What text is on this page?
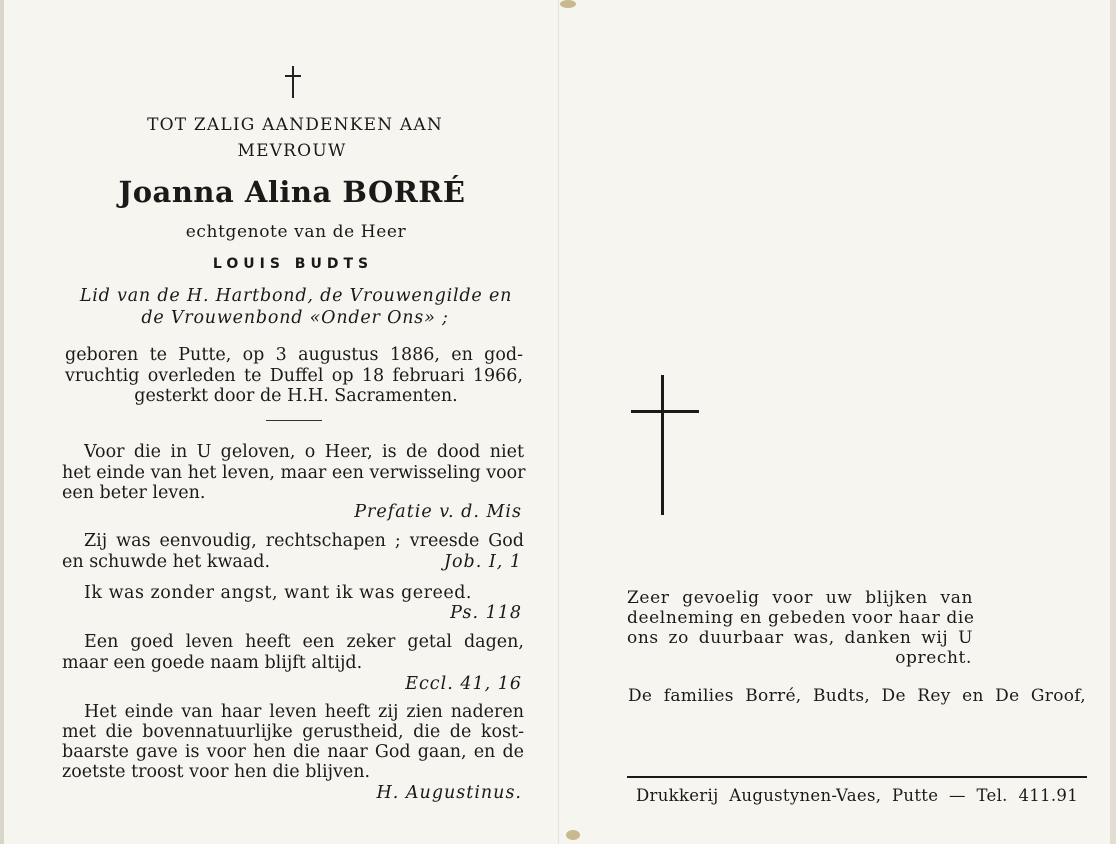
TOT ZALIG AANDENKEN AAN
MEVROUW
Joanna Alina BORRÉ
echtgenote van de Heer
LOUIS BUDTS
Lid van de H. Hartbond, de Vrouwengilde en
de Vrouwenbond «Onder Ons» ;
geboren te Putte, op 3 augustus 1886, en god-
vruchtig overleden te Duffel op 18 februari 1966,
gesterkt door de H.H. Sacramenten.
Voor die in U geloven, o Heer, is de dood niet
het einde van het leven, maar een verwisseling voor
een beter leven.
Prefatie v. d. Mis
Zij was eenvoudig, rechtschapen ; vreesde God
en schuwde het kwaad.	Job. I, 1
Ik was zonder angst, want ik was gereed.
Ps. 118
Een goed leven heeft een zeker getal dagen,
maar een goede naam blijft altijd.
Eccl. 41, 16
Het einde van haar leven heeft zij zien naderen
met die bovennatuurlijke gerustheid, die de kost-
baarste gave is voor hen die naar God gaan, en de
zoetste troost voor hen die blijven.
H. Augustinus.
Zeer gevoelig voor uw blijken van
deelneming en gebeden voor haar die
ons zo duurbaar was, danken wij U
oprecht.
De families Borré, Budts, De Rey en De Groof,
Drukkerij Augustynen-Vaes, Putte — Tel. 411.91
